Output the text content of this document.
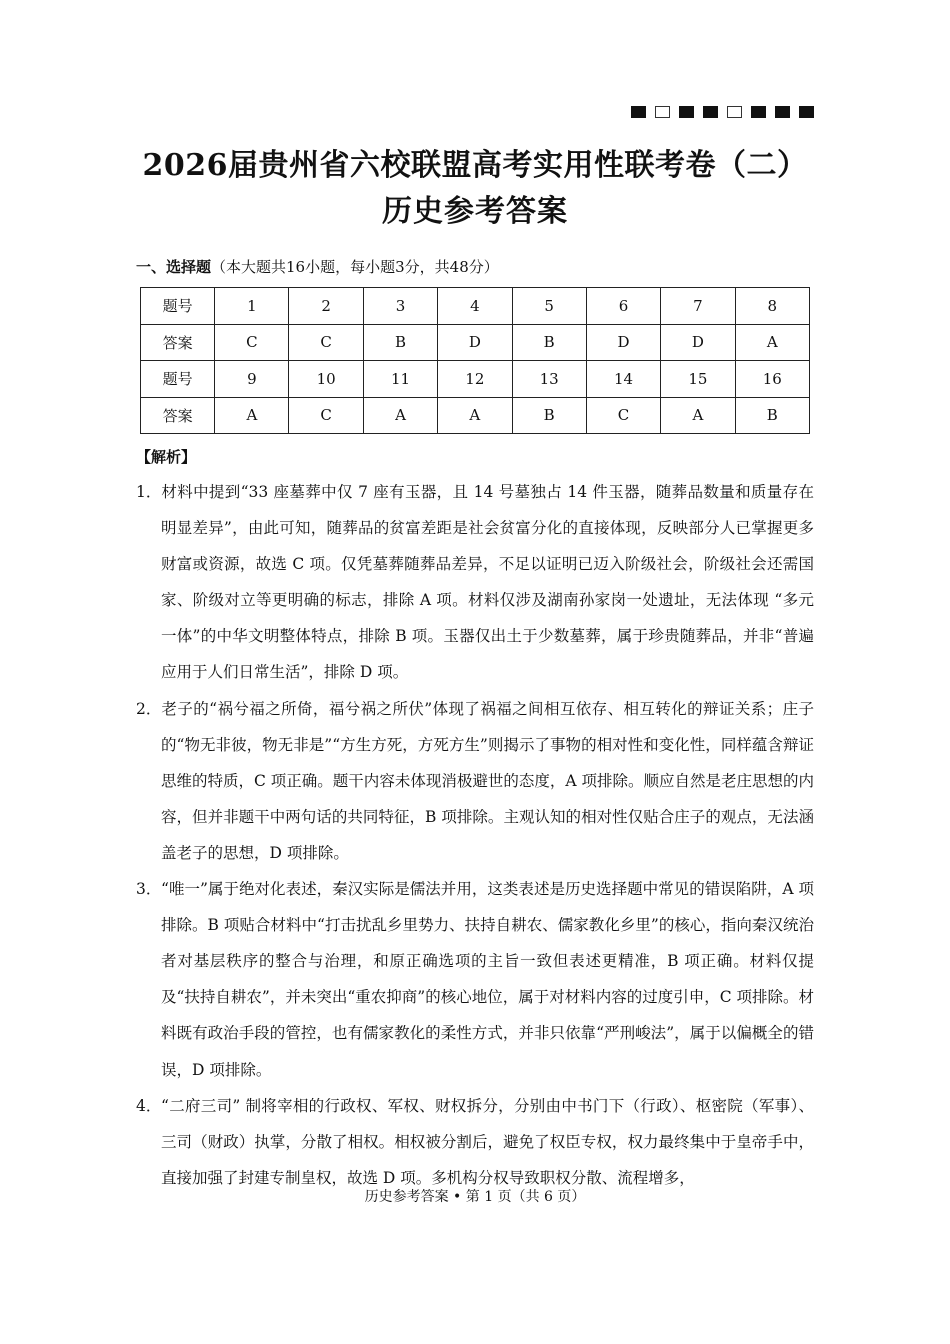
2026届贵州省六校联盟高考实用性联考卷（二）
历史参考答案
一、选择题（本大题共16小题，每小题3分，共48分）
题号	1	2	3	4	5	6	7	8
答案	C	C	B	D	B	D	D	A
题号	9	10	11	12	13	14	15	16
答案	A	C	A	A	B	C	A	B
【解析】
1．材料中提到“33 座墓葬中仅 7 座有玉器，且 14 号墓独占 14 件玉器，随葬品数量和质量存在明显差异”，由此可知，随葬品的贫富差距是社会贫富分化的直接体现，反映部分人已掌握更多财富或资源，故选 C 项。仅凭墓葬随葬品差异，不足以证明已迈入阶级社会，阶级社会还需国家、阶级对立等更明确的标志，排除 A 项。材料仅涉及湖南孙家岗一处遗址，无法体现 “多元一体”的中华文明整体特点，排除 B 项。玉器仅出土于少数墓葬，属于珍贵随葬品，并非“普遍应用于人们日常生活”，排除 D 项。
2．老子的“祸兮福之所倚，福兮祸之所伏”体现了祸福之间相互依存、相互转化的辩证关系；庄子的“物无非彼，物无非是”“方生方死，方死方生”则揭示了事物的相对性和变化性，同样蕴含辩证思维的特质，C 项正确。题干内容未体现消极避世的态度，A 项排除。顺应自然是老庄思想的内容，但并非题干中两句话的共同特征，B 项排除。主观认知的相对性仅贴合庄子的观点，无法涵盖老子的思想，D 项排除。
3．“唯一”属于绝对化表述，秦汉实际是儒法并用，这类表述是历史选择题中常见的错误陷阱，A 项排除。B 项贴合材料中“打击扰乱乡里势力、扶持自耕农、儒家教化乡里”的核心，指向秦汉统治者对基层秩序的整合与治理，和原正确选项的主旨一致但表述更精准，B 项正确。材料仅提及“扶持自耕农”，并未突出“重农抑商”的核心地位，属于对材料内容的过度引申，C 项排除。材料既有政治手段的管控，也有儒家教化的柔性方式，并非只依靠“严刑峻法”，属于以偏概全的错误，D 项排除。
4．“二府三司” 制将宰相的行政权、军权、财权拆分，分别由中书门下（行政）、枢密院（军事）、三司（财政）执掌，分散了相权。相权被分割后，避免了权臣专权，权力最终集中于皇帝手中，直接加强了封建专制皇权，故选 D 项。多机构分权导致职权分散、流程增多，
历史参考答案 • 第 1 页（共 6 页）
